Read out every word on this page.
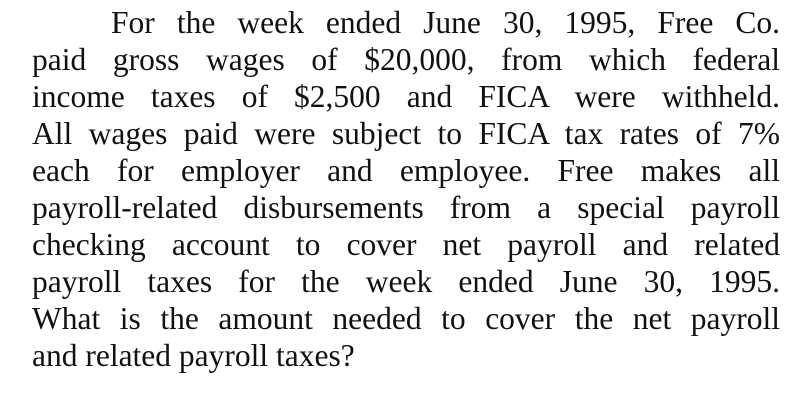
For the week ended June 30, 1995, Free Co.
paid gross wages of $20,000, from which federal
income taxes of $2,500 and FICA were withheld.
All wages paid were subject to FICA tax rates of 7%
each for employer and employee. Free makes all
payroll-related disbursements from a special payroll
checking account to cover net payroll and related
payroll taxes for the week ended June 30, 1995.
What is the amount needed to cover the net payroll
and related payroll taxes?
